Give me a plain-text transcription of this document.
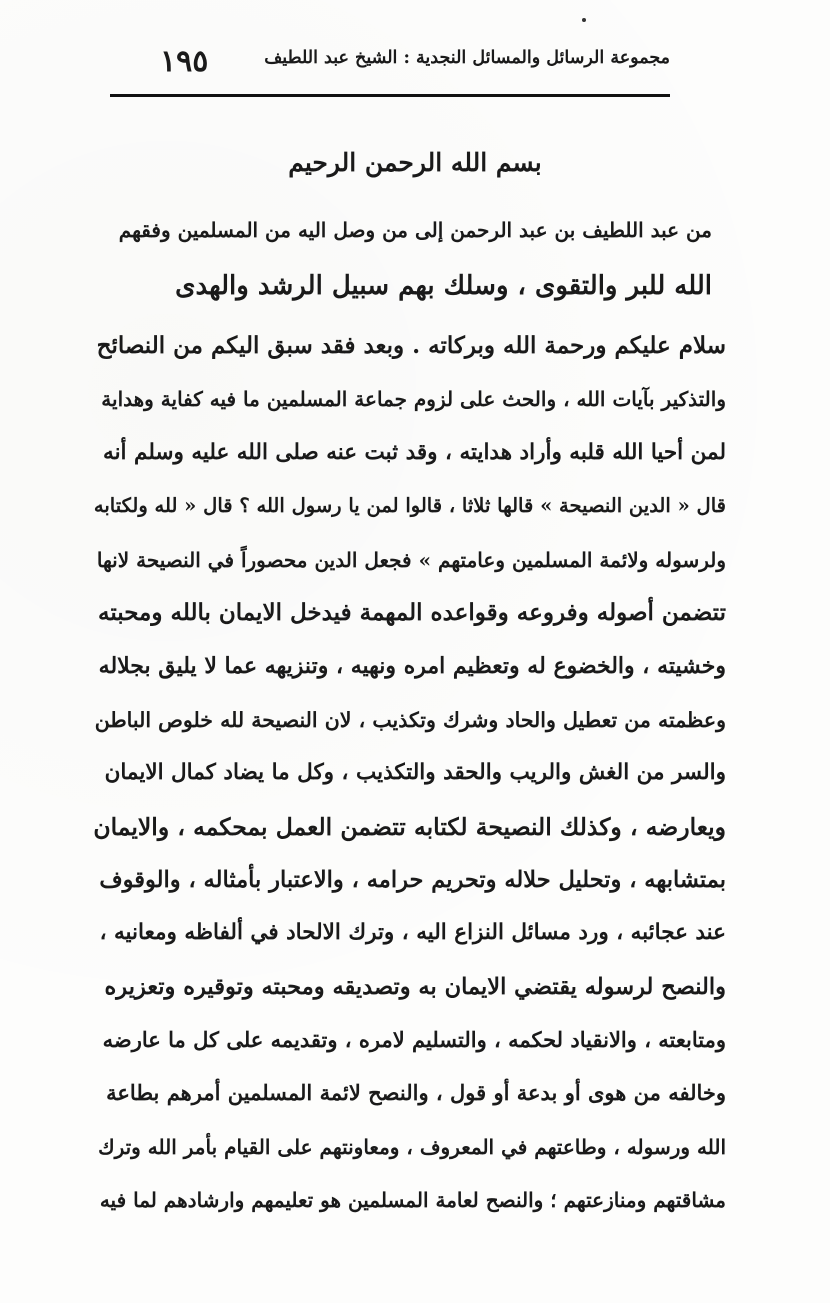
مجموعة الرسائل والمسائل النجدية : الشيخ عبد اللطيف
١٩٥
بسم الله الرحمن الرحيم
من عبد اللطيف بن عبد الرحمن إلى من وصل اليه من المسلمين وفقهم
الله للبر والتقوى ، وسلك بهم سبيل الرشد والهدى
سلام عليكم ورحمة الله وبركاته . وبعد فقد سبق اليكم من النصائح
والتذكير بآيات الله ، والحث على لزوم جماعة المسلمين ما فيه كفاية وهداية
لمن أحيا الله قلبه وأراد هدايته ، وقد ثبت عنه صلى الله عليه وسلم أنه
قال « الدين النصيحة » قالها ثلاثا ، قالوا لمن يا رسول الله ؟ قال « لله ولكتابه
ولرسوله ولائمة المسلمين وعامتهم » فجعل الدين محصوراً في النصيحة لانها
تتضمن أصوله وفروعه وقواعده المهمة فيدخل الايمان بالله ومحبته
وخشيته ، والخضوع له وتعظيم امره ونهيه ، وتنزيهه عما لا يليق بجلاله
وعظمته من تعطيل والحاد وشرك وتكذيب ، لان النصيحة لله خلوص الباطن
والسر من الغش والريب والحقد والتكذيب ، وكل ما يضاد كمال الايمان
ويعارضه ، وكذلك النصيحة لكتابه تتضمن العمل بمحكمه ، والايمان
بمتشابهه ، وتحليل حلاله وتحريم حرامه ، والاعتبار بأمثاله ، والوقوف
عند عجائبه ، ورد مسائل النزاع اليه ، وترك الالحاد في ألفاظه ومعانيه ،
والنصح لرسوله يقتضي الايمان به وتصديقه ومحبته وتوقيره وتعزيره
ومتابعته ، والانقياد لحكمه ، والتسليم لامره ، وتقديمه على كل ما عارضه
وخالفه من هوى أو بدعة أو قول ، والنصح لائمة المسلمين أمرهم بطاعة
الله ورسوله ، وطاعتهم في المعروف ، ومعاونتهم على القيام بأمر الله وترك
مشاقتهم ومنازعتهم ؛ والنصح لعامة المسلمين هو تعليمهم وارشادهم لما فيه
